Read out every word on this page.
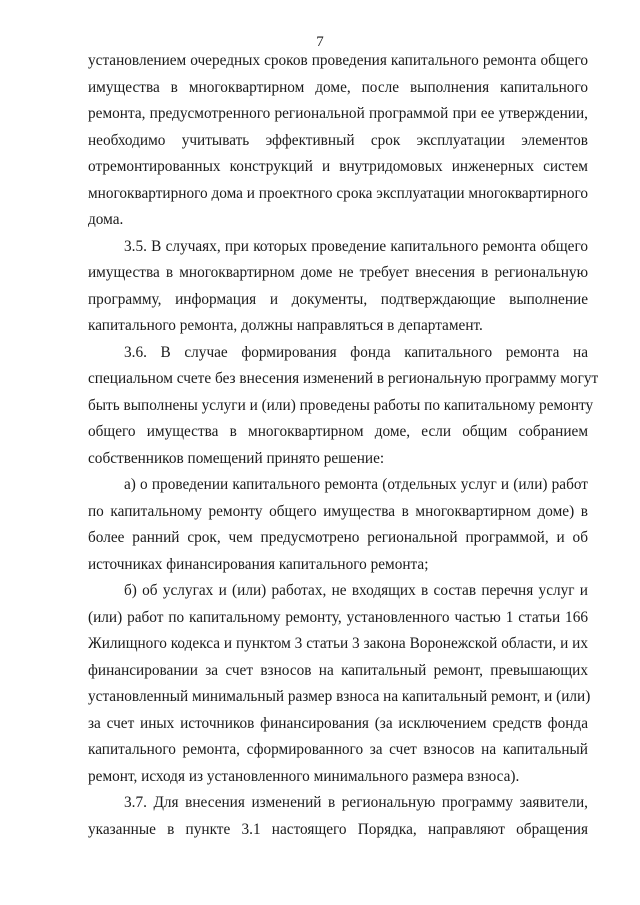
7
установлением очередных сроков проведения капитального ремонта общего
имущества в многоквартирном доме, после выполнения капитального
ремонта, предусмотренного региональной программой при ее утверждении,
необходимо учитывать эффективный срок эксплуатации элементов
отремонтированных конструкций и внутридомовых инженерных систем
многоквартирного дома и проектного срока эксплуатации многоквартирного
дома.
3.5. В случаях, при которых проведение капитального ремонта общего
имущества в многоквартирном доме не требует внесения в региональную
программу, информация и документы, подтверждающие выполнение
капитального ремонта, должны направляться в департамент.
3.6. В случае формирования фонда капитального ремонта на
специальном счете без внесения изменений в региональную программу могут
быть выполнены услуги и (или) проведены работы по капитальному ремонту
общего имущества в многоквартирном доме, если общим собранием
собственников помещений принято решение:
а) о проведении капитального ремонта (отдельных услуг и (или) работ
по капитальному ремонту общего имущества в многоквартирном доме) в
более ранний срок, чем предусмотрено региональной программой, и об
источниках финансирования капитального ремонта;
б) об услугах и (или) работах, не входящих в состав перечня услуг и
(или) работ по капитальному ремонту, установленного частью 1 статьи 166
Жилищного кодекса и пунктом 3 статьи 3 закона Воронежской области, и их
финансировании за счет взносов на капитальный ремонт, превышающих
установленный минимальный размер взноса на капитальный ремонт, и (или)
за счет иных источников финансирования (за исключением средств фонда
капитального ремонта, сформированного за счет взносов на капитальный
ремонт, исходя из установленного минимального размера взноса).
3.7. Для внесения изменений в региональную программу заявители,
указанные в пункте 3.1 настоящего Порядка, направляют обращения
